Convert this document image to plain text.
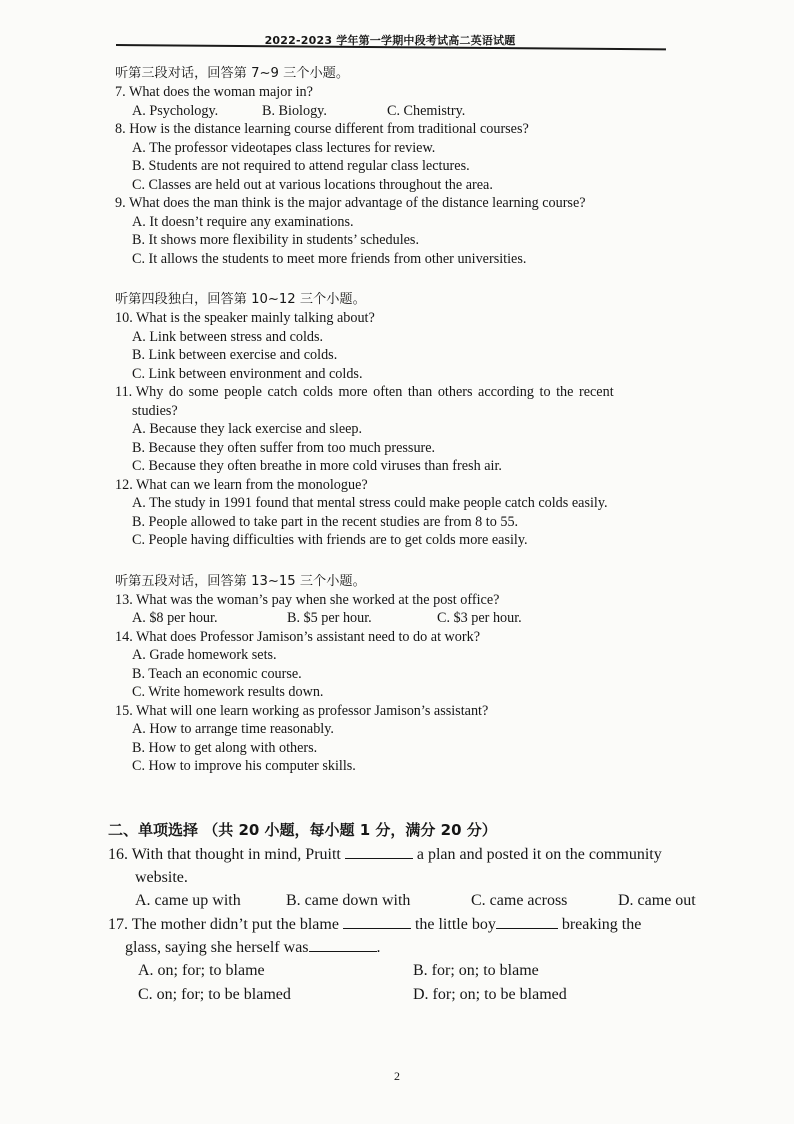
2022-2023 学年第一学期中段考试高二英语试题
听第三段对话，回答第 7~9 三个小题。
7. What does the woman major in?
A. Psychology.	B. Biology.	C. Chemistry.
8. How is the distance learning course different from traditional courses?
A. The professor videotapes class lectures for review.
B. Students are not required to attend regular class lectures.
C. Classes are held out at various locations throughout the area.
9. What does the man think is the major advantage of the distance learning course?
A. It doesn’t require any examinations.
B. It shows more flexibility in students’ schedules.
C. It allows the students to meet more friends from other universities.
听第四段独白，回答第 10~12 三个小题。
10. What is the speaker mainly talking about?
A. Link between stress and colds.
B. Link between exercise and colds.
C. Link between environment and colds.
11. Why do some people catch colds more often than others according to the recent
studies?
A. Because they lack exercise and sleep.
B. Because they often suffer from too much pressure.
C. Because they often breathe in more cold viruses than fresh air.
12. What can we learn from the monologue?
A. The study in 1991 found that mental stress could make people catch colds easily.
B. People allowed to take part in the recent studies are from 8 to 55.
C. People having difficulties with friends are to get colds more easily.
听第五段对话，回答第 13~15 三个小题。
13. What was the woman’s pay when she worked at the post office?
A. $8 per hour.	B. $5 per hour.	C. $3 per hour.
14. What does Professor Jamison’s assistant need to do at work?
A. Grade homework sets.
B. Teach an economic course.
C. Write homework results down.
15. What will one learn working as professor Jamison’s assistant?
A. How to arrange time reasonably.
B. How to get along with others.
C. How to improve his computer skills.
二、单项选择 （共 20 小题，每小题 1 分，满分 20 分）
16. With that thought in mind, Pruitt	a plan and posted it on the community
website.
A. came up with	B. came down with	C. came across	D. came out
17. The mother didn’t put the blame	the little boy	breaking the
glass, saying she herself was	.
A. on; for; to blame	B. for; on; to blame
C. on; for; to be blamed	D. for; on; to be blamed
2
